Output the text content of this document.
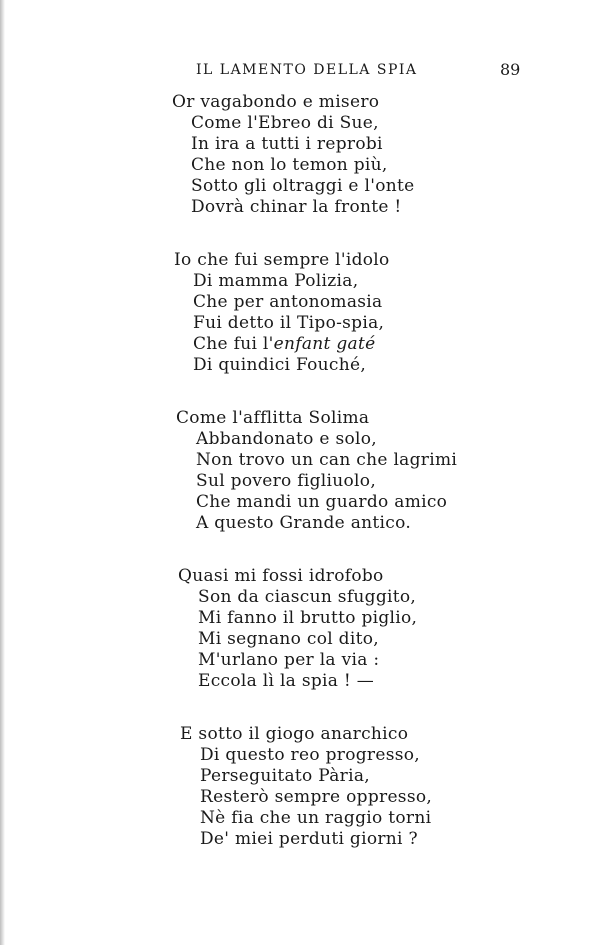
IL LAMENTO DELLA SPIA	89
Or vagabondo e misero
Come l'Ebreo di Sue,
In ira a tutti i reprobi
Che non lo temon più,
Sotto gli oltraggi e l'onte
Dovrà chinar la fronte !
Io che fui sempre l'idolo
Di mamma Polizia,
Che per antonomasia
Fui detto il Tipo-spia,
Che fui l'enfant gaté
Di quindici Fouché,
Come l'afflitta Solima
Abbandonato e solo,
Non trovo un can che lagrimi
Sul povero figliuolo,
Che mandi un guardo amico
A questo Grande antico.
Quasi mi fossi idrofobo
Son da ciascun sfuggito,
Mi fanno il brutto piglio,
Mi segnano col dito,
M'urlano per la via :
Eccola lì la spia ! —
E sotto il giogo anarchico
Di questo reo progresso,
Perseguitato Pària,
Resterò sempre oppresso,
Nè fia che un raggio torni
De' miei perduti giorni ?
